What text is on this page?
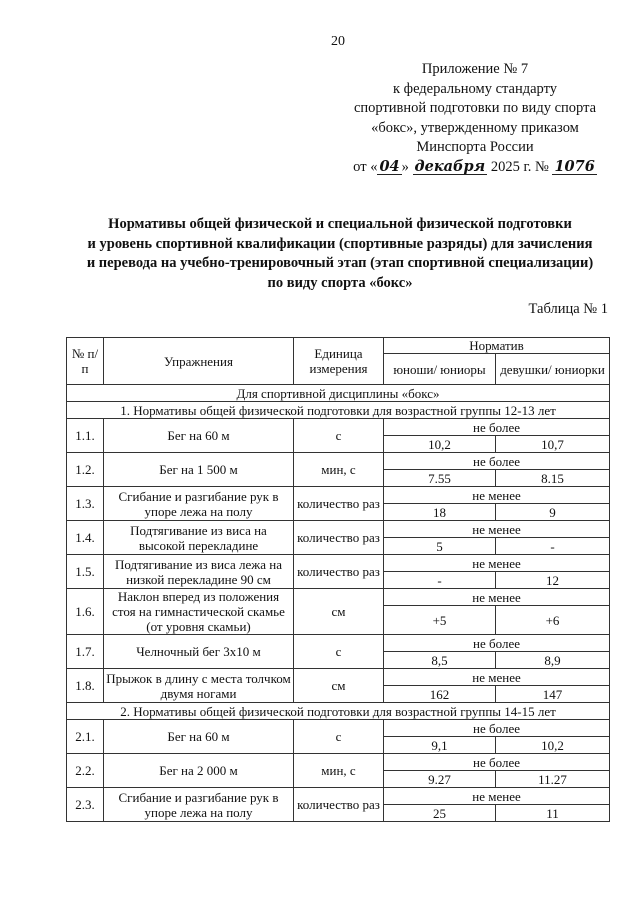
20
Приложение № 7
к федеральному стандарту
спортивной подготовки по виду спорта
«бокс», утвержденному приказом
Минспорта России
от « 04 » декабря 2025 г. № 1076
Нормативы общей физической и специальной физической подготовки
и уровень спортивной квалификации (спортивные разряды) для зачисления
и перевода на учебно-тренировочный этап (этап спортивной специализации)
по виду спорта «бокс»
Таблица № 1
№ п/п	Упражнения	Единица измерения	Норматив	
			юноши/ юниоры	девушки/ юниорки
Для спортивной дисциплины «бокс»				
1. Нормативы общей физической подготовки для возрастной группы 12-13 лет				
1.1.	Бег на 60 м	с	не более	
			10,2	10,7
1.2.	Бег на 1 500 м	мин, с	не более	
			7.55	8.15
1.3.	Сгибание и разгибание рук в упоре лежа на полу	количество раз	не менее	
			18	9
1.4.	Подтягивание из виса на высокой перекладине	количество раз	не менее	
			5	-
1.5.	Подтягивание из виса лежа на низкой перекладине 90 см	количество раз	не менее	
			-	12
1.6.	Наклон вперед из положения стоя на гимнастической скамье (от уровня скамьи)	см	не менее	
			+5	+6
1.7.	Челночный бег 3х10 м	с	не более	
			8,5	8,9
1.8.	Прыжок в длину с места толчком двумя ногами	см	не менее	
			162	147
2. Нормативы общей физической подготовки для возрастной группы 14-15 лет				
2.1.	Бег на 60 м	с	не более	
			9,1	10,2
2.2.	Бег на 2 000 м	мин, с	не более	
			9.27	11.27
2.3.	Сгибание и разгибание рук в упоре лежа на полу	количество раз	не менее	
			25	11
